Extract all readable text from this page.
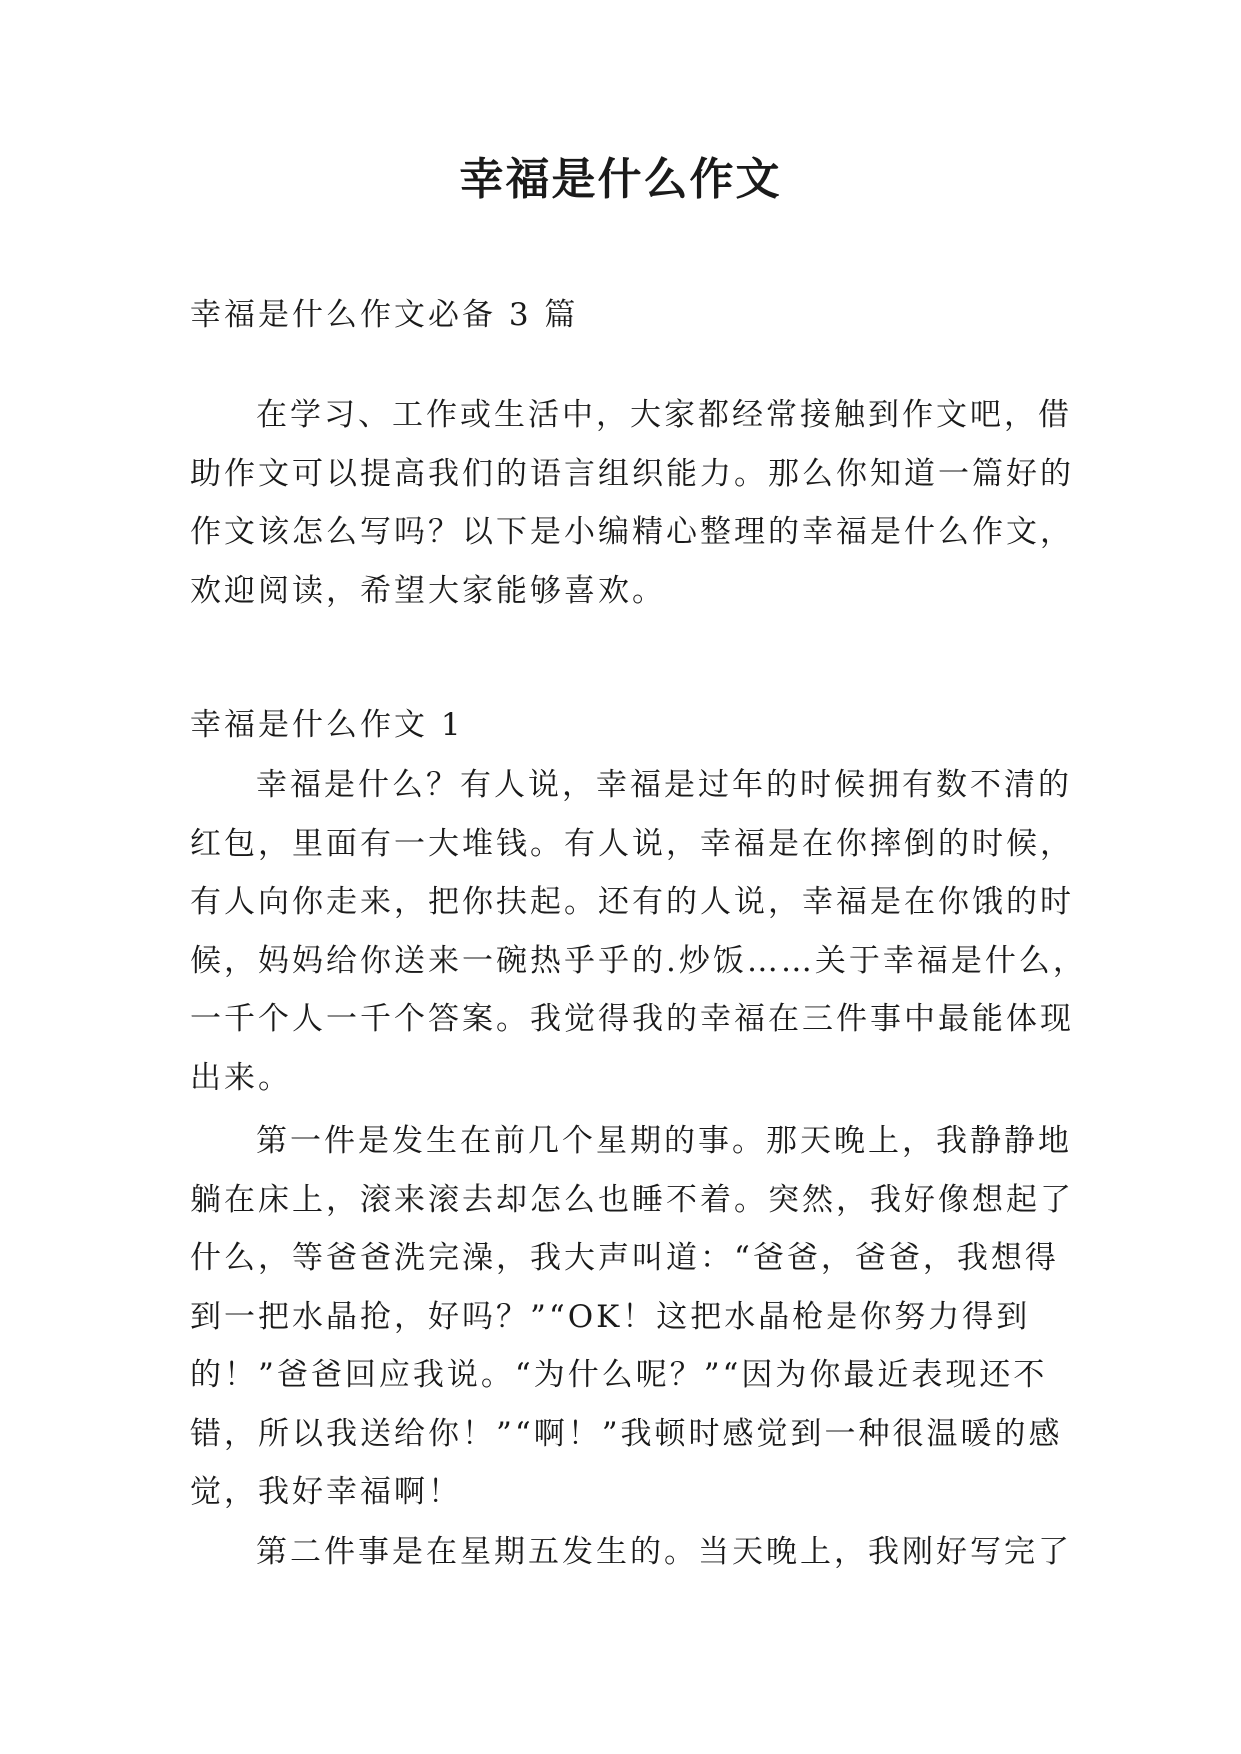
幸福是什么作文
幸福是什么作文必备 3 篇
在学习、工作或生活中，大家都经常接触到作文吧，借
助作文可以提高我们的语言组织能力。那么你知道一篇好的
作文该怎么写吗？以下是小编精心整理的幸福是什么作文，
欢迎阅读，希望大家能够喜欢。
幸福是什么作文 1
幸福是什么？有人说，幸福是过年的时候拥有数不清的
红包，里面有一大堆钱。有人说，幸福是在你摔倒的时候，
有人向你走来，把你扶起。还有的人说，幸福是在你饿的时
候，妈妈给你送来一碗热乎乎的.炒饭……关于幸福是什么，
一千个人一千个答案。我觉得我的幸福在三件事中最能体现
出来。
第一件是发生在前几个星期的事。那天晚上，我静静地
躺在床上，滚来滚去却怎么也睡不着。突然，我好像想起了
什么，等爸爸洗完澡，我大声叫道：“爸爸，爸爸，我想得
到一把水晶抢，好吗？”“OK！这把水晶枪是你努力得到
的！”爸爸回应我说。“为什么呢？”“因为你最近表现还不
错，所以我送给你！”“啊！”我顿时感觉到一种很温暖的感
觉，我好幸福啊！
第二件事是在星期五发生的。当天晚上，我刚好写完了
